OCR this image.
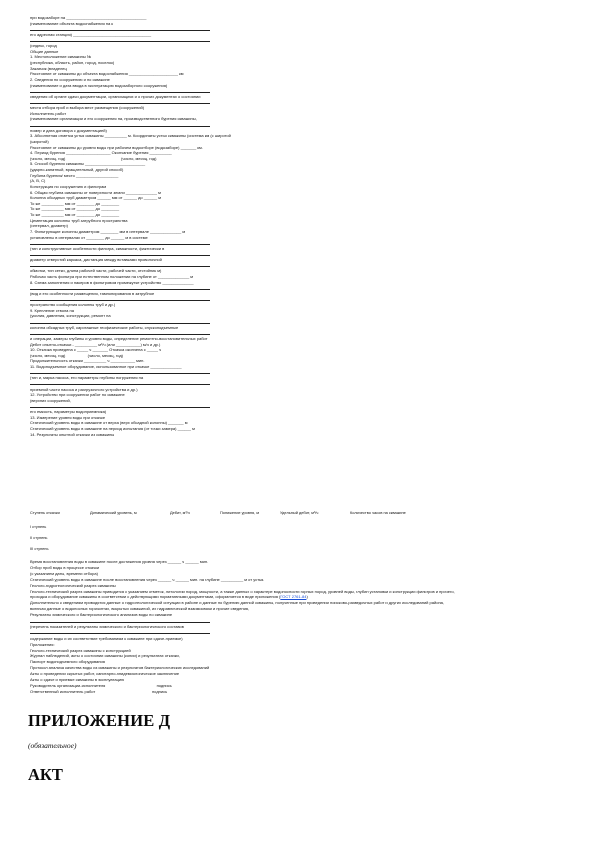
при водозаборе на ____________________________________
(наименование объекта водоснабжения на к
его адресная станция) ___________________________________
(индекс, город
Общие данные
1. Местоположение скважины №
(республика, область, район, город, поселок)
Заказчик (владелец
Расстояние от скважины до объекта водоснабжения ______________________ км
2. Сведения по сооружению и по скважине
(наименование и дата ввода в эксплуатацию водозаборного сооружения)
сведения об органе сдачи документации, организациях и о прочих документах о состоянии
места отбора проб и выбора мест размещения (сооружений)
Исполнитель работ
(наименование организации и его сооружения на, производственного бурения скважины,
номер и дата договора с документацией)
3. Абсолютная отметка устья скважины __________ м. Координаты устья скважины (система км (с широтой
(широтой)
Расстояние от скважины до уровня воды при рабочем водоотборе (водозаборе) _______ км.
4. Период бурения ____________________ Окончание бурения __________
(число, месяц, год)                                                  (число, месяц, год)
5. Способ бурения скважины ___________________________
(ударно-канатный, вращательный, другой способ)
Глубина бурения/ место ___________________
(А, В, С)
Конструкция по сооружению и фильтрам
6. Общая глубина скважины от поверхности земли ______________ м
Колонна обсадных труб диаметром ______ мм от ______ до ______ м
То же __________ мм от ________ до ________
То же __________ мм от ________ до ________
То же __________ мм от ________ до ________
Цементация колонны труб затрубного пространства
(интервал, диаметр)
7. Фильтрующие колонны диаметром ________ мм в интервале ______________ м
установлены в интервалах от ________ до ______ м в системе
(тип и конструктивные особенности фильтра, скважности, фактически в
диаметр отверстий каркаса, дистанция между вставками проволочной
обмотки, тип сетки, длина рабочей части, рабочей части, отстойник м)
Рабочая часть фильтра при естественном положении на глубине от ______________ м
8. Схема заполнения и пакеров в фильтровом промежутке устройство ______________
(вид и его особенности размещения, тампонирования в затрубное
пространство сообщения колонны труб и др.)
9. Крепление ствола на
(усилия, давления, конструкции, ремонт на
колонна обсадных труб, каротажные геофизические работы, спускоподъемные
и операции, замеры глубины и уровня воды, определение ремонтно-восстановительных работ
Дебит опытно-откачки - __________ м³/ч (или ___________) м/ч и др.)
10. Откачка проведена с _____ ч _______ Откачка окончена с _____ ч
(число, месяц, год)                    (число, месяц, год)
Продолжительность откачки __________ ч ___________ мин.
11. Водоподъемное оборудование, использованное при откачке ______________
(тип и, марка насоса, его параметры глубины погружения на
приемной части насоса и разгрузочного устройства и др.)
12. Устройство при сооружении работ по скважине
(верхних сооружений,
его емкость, параметры водоприемника)
13. Измерение уровня воды при откачке
Статический уровень воды в скважине от верха (верх обсадной колонны) _______ м
Статический уровень воды в скважине на период испытания (от точки замера) ______ м
14. Результаты опытной откачки из скважины
Ступень откачки	Динамический уровень, м	Дебит, м³/ч	Понижение уровня, м	Удельный дебит, м³/ч	Количество часов на скважине
I ступень
II ступень
III ступень
Время восстановления воды в скважине после достижения уровня через ______ ч ______ мин.
Отбор проб воды в процессе откачки
(с указанием даты, времени отбора)
Статический уровень воды в скважине после восстановления через ______ ч ______ мин. на глубине __________ м от устья.
Геолого-гидрогеологический разрез скважины
Геолого-технический разрез скважины приводится с указанием отметок, литологии пород, мощности, а также данных о характере водоносности горных пород, уровней воды, глубин установки и конструкции фильтров и прочего,
проходка и оборудование скважины в соответствии с действующими нормативными документами, оформляется в виде приложения (ГОСТ 2761-84)
Дополнительно к сведениям приводятся данные о гидрогеологической ситуации в районе и данные по бурению данной скважины, полученные при проведении поисково-разведочных работ и других исследований района,
включая данные о водоносных горизонтах, вскрытых скважиной, их гидравлической взаимосвязи и прочие сведения,
Результаты химического и бактериологического анализов воды по скважине
(перечень показателей и результаты химического и бактериологического составов
содержание воды и их соответствие требованиям к скважине при сдаче-приемке)
Приложения:
Геолого-технический разрез скважины с конструкцией
Журнал наблюдений, акты о состоянии скважины (копии) и результатах откачки,
Паспорт водоподъемного оборудования
Протокол анализа качества воды из скважины и результатов бактериологических исследований
Акты о проведении скрытых работ, санитарно-эпидемиологическое заключение
Акты о сдаче и приемке скважины в эксплуатацию
Руководитель организации-исполнителя                                              подпись
Ответственный исполнитель работ                                                   подпись
ПРИЛОЖЕНИЕ Д
(обязательное)
АКТ
